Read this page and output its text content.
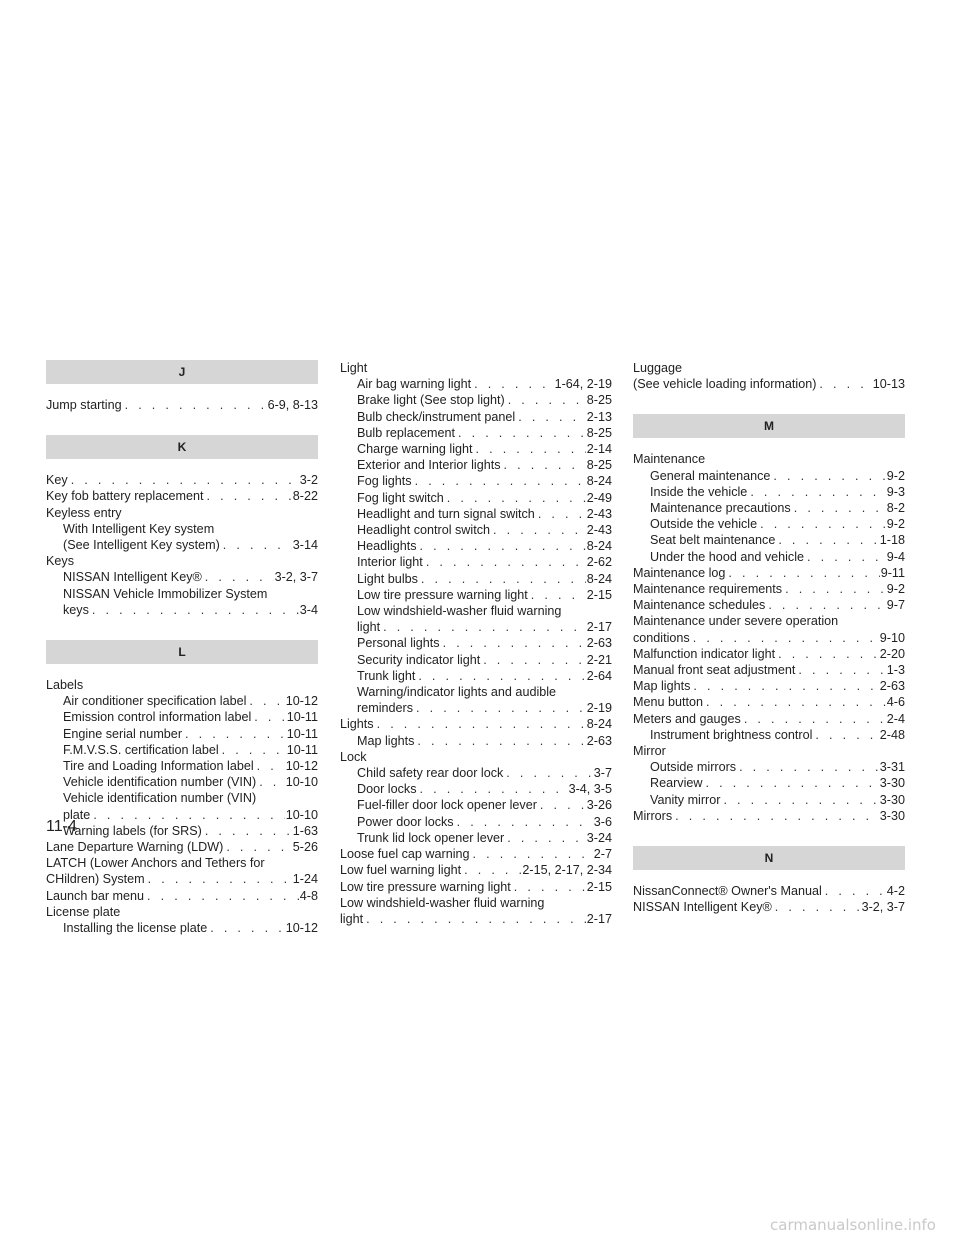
J
Jump starting . . .	6-9, 8-13
K
Key . . .	3-2
Key fob battery replacement . . .	8-22
Keyless entry
With Intelligent Key system
(See Intelligent Key system) . . .	3-14
Keys
NISSAN Intelligent Key® . . .	3-2, 3-7
NISSAN Vehicle Immobilizer System
keys . . .	3-4
L
Labels
Air conditioner specification label . . .	10-12
Emission control information label . . .	10-11
Engine serial number . . .	10-11
F.M.V.S.S. certification label . . .	10-11
Tire and Loading Information label . . .	10-12
Vehicle identification number (VIN) . . . 10-10
Vehicle identification number (VIN)
plate . . .	10-10
Warning labels (for SRS) . . .	1-63
Lane Departure Warning (LDW) . . .	5-26
LATCH (Lower Anchors and Tethers for
CHildren) System . . .	1-24
Launch bar menu . . .	4-8
License plate
Installing the license plate . . .	10-12
Light
Air bag warning light . . .	1-64, 2-19
Brake light (See stop light) . . .	8-25
Bulb check/instrument panel . . .	2-13
Bulb replacement . . .	8-25
Charge warning light . . .	2-14
Exterior and Interior lights . . .	8-25
Fog lights . . .	8-24
Fog light switch . . .	2-49
Headlight and turn signal switch . . .	2-43
Headlight control switch . . .	2-43
Headlights . . .	8-24
Interior light . . .	2-62
Light bulbs . . .	8-24
Low tire pressure warning light . . .	2-15
Low windshield-washer fluid warning
light . . .	2-17
Personal lights . . .	2-63
Security indicator light . . .	2-21
Trunk light . . .	2-64
Warning/indicator lights and audible
reminders . . .	2-19
Lights . . .	8-24
Map lights . . .	2-63
Lock
Child safety rear door lock . . .	3-7
Door locks . . .	3-4, 3-5
Fuel-filler door lock opener lever . . .	3-26
Power door locks . . .	3-6
Trunk lid lock opener lever . . .	3-24
Loose fuel cap warning . . .	2-7
Low fuel warning light . . .	2-15, 2-17, 2-34
Low tire pressure warning light . . .	2-15
Low windshield-washer fluid warning
light . . .	2-17
Luggage
(See vehicle loading information) . . .	10-13
M
Maintenance
General maintenance . . .	9-2
Inside the vehicle . . .	9-3
Maintenance precautions . . .	8-2
Outside the vehicle . . .	9-2
Seat belt maintenance . . .	1-18
Under the hood and vehicle . . .	9-4
Maintenance log . . .	9-11
Maintenance requirements . . .	9-2
Maintenance schedules . . .	9-7
Maintenance under severe operation
conditions . . .	9-10
Malfunction indicator light . . .	2-20
Manual front seat adjustment . . .	1-3
Map lights . . .	2-63
Menu button . . .	4-6
Meters and gauges . . .	2-4
Instrument brightness control . . .	2-48
Mirror
Outside mirrors . . .	3-31
Rearview . . .	3-30
Vanity mirror . . .	3-30
Mirrors . . .	3-30
N
NissanConnect® Owner's Manual . . .	4-2
NISSAN Intelligent Key® . . .	3-2, 3-7
11-4
carmanualsonline.info
